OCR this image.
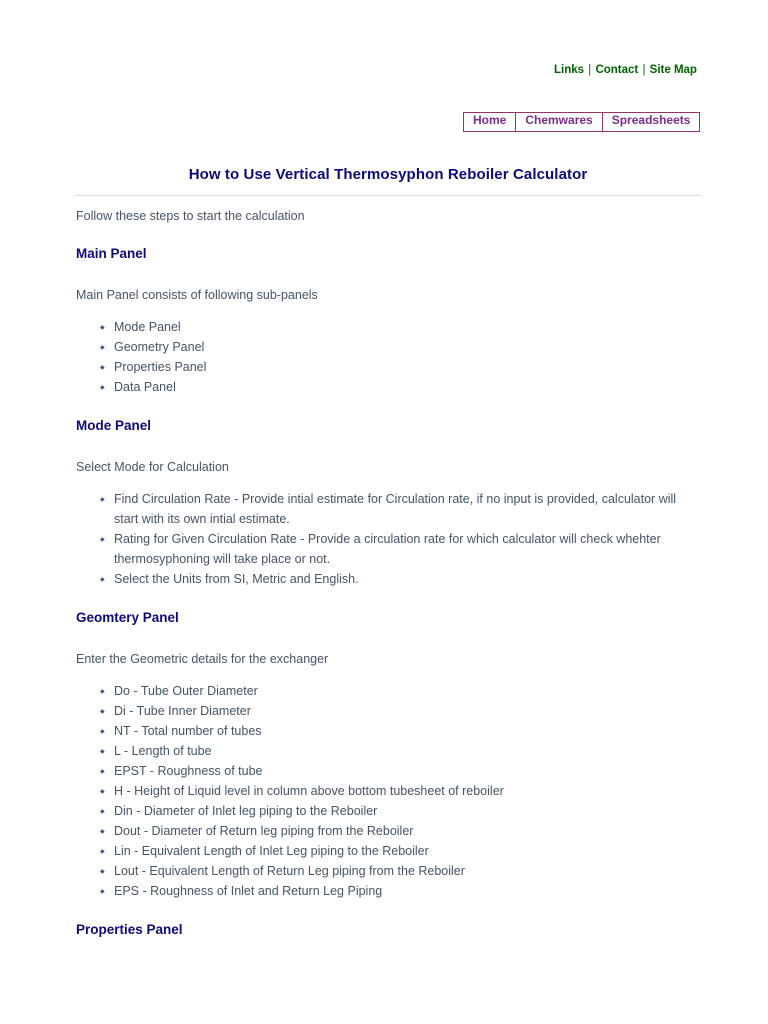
Links | Contact | Site Map
Home	Chemwares	Spreadsheets
How to Use Vertical Thermosyphon Reboiler Calculator

Follow these steps to start the calculation

Main Panel

Main Panel consists of following sub-panels

◆ Mode Panel
◆ Geometry Panel
◆ Properties Panel
◆ Data Panel
Mode Panel

Select Mode for Calculation

◆ Find Circulation Rate - Provide intial estimate for Circulation rate, if no input is provided, calculator will start with its own intial estimate.
◆ Rating for Given Circulation Rate - Provide a circulation rate for which calculator will check whehter thermosyphoning will take place or not.
◆ Select the Units from SI, Metric and English.
Geomtery Panel

Enter the Geometric details for the exchanger

◆ Do - Tube Outer Diameter
◆ Di - Tube Inner Diameter
◆ NT - Total number of tubes
◆ L - Length of tube
◆ EPST - Roughness of tube
◆ H - Height of Liquid level in column above bottom tubesheet of reboiler
◆ Din - Diameter of Inlet leg piping to the Reboiler
◆ Dout - Diameter of Return leg piping from the Reboiler
◆ Lin - Equivalent Length of Inlet Leg piping to the Reboiler
◆ Lout - Equivalent Length of Return Leg piping from the Reboiler
◆ EPS - Roughness of Inlet and Return Leg Piping
Properties Panel
